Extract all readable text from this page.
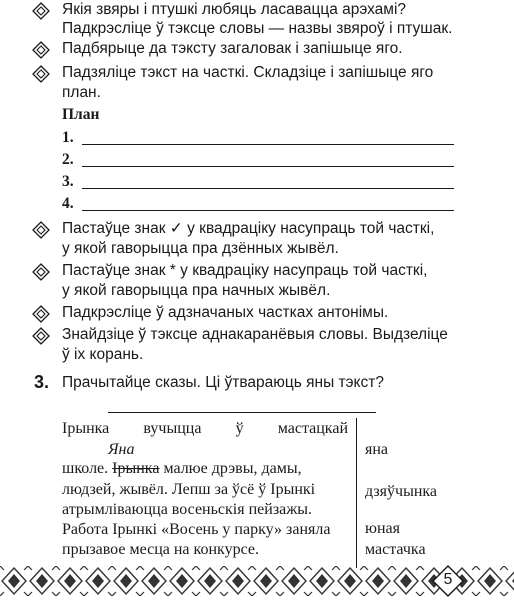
Якія звяры і птушкі любяць ласавацца арэхамі?
Падкрэсліце ў тэксце словы — назвы звяроў і птушак.
Падбярыце да тэксту загаловак і запішыце яго.
Падзяліце тэкст на часткі. Складзіце і запішыце яго
план.
План
1.
2.
3.
4.
Пастаўце знак ✓ у квадрацiку насупраць той часткі,
у якой гаворыцца пра дзённых жывёл.
Пастаўце знак * у квадрацiку насупраць той часткі,
у якой гаворыцца пра начных жывёл.
Падкрэсліце ў адзначаных частках антонімы.
Знайдзіце ў тэксце аднакаранёвыя словы. Выдзеліце
ў іх корань.
3. Прачытайце сказы. Ці ўтвараюць яны тэкст?
Ірынка вучыцца ў мастацкай
Яна
школе. Ірынка малюе дрэвы, дамы,
людзей, жывёл. Лепш за ўсё ў Ірынкі
атрымліваюцца восеньскія пейзажы.
Работа Ірынкі «Восень у парку» заняла
прызавое месца на конкурсе.
яна
дзяўчынка
юная
мастачка
5
